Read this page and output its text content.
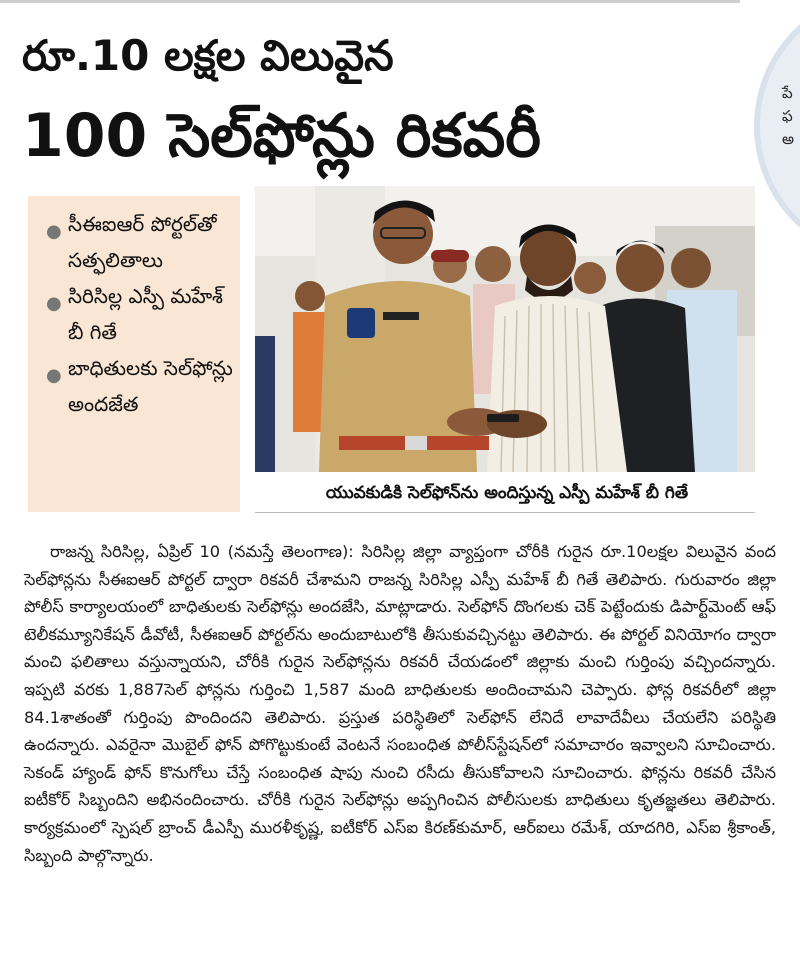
పే
ఫ
అ
రూ.10 లక్షల విలువైన
100 సెల్‌ఫోన్లు రికవరీ
● సీఈఐఆర్ పోర్టల్‌తో సత్ఫలితాలు
● సిరిసిల్ల ఎస్పీ మహేశ్ బీ గితే
● బాధితులకు సెల్‌ఫోన్లు అందజేత
యువకుడికి సెల్‌ఫోన్‌ను అందిస్తున్న ఎస్పీ మహేశ్ బీ గితే

రాజన్న సిరిసిల్ల, ఏప్రిల్ 10 (నమస్తే తెలంగాణ): సిరిసిల్ల జిల్లా వ్యాప్తంగా చోరీకి గురైన రూ.10లక్షల విలువైన వంద సెల్‌ఫోన్లను సీఈఐఆర్ పోర్టల్ ద్వారా రికవరీ చేశామని రాజన్న సిరిసిల్ల ఎస్పీ మహేశ్ బీ గితే తెలిపారు. గురువారం జిల్లా పోలీస్ కార్యాలయంలో బాధితులకు సెల్‌ఫోన్లు అందజేసి, మాట్లాడారు. సెల్‌ఫోన్ దొంగలకు చెక్ పెట్టేందుకు డిపార్ట్‌మెంట్ ఆఫ్ టెలీకమ్యూనికేషన్ డీవోటీ, సీఈఐఆర్ పోర్టల్‌ను అందుబాటులోకి తీసుకువచ్చినట్టు తెలిపారు. ఈ పోర్టల్ వినియోగం ద్వారా మంచి ఫలితాలు వస్తున్నాయని, చోరీకి గురైన సెల్‌ఫోన్లను రికవరీ చేయడంలో జిల్లాకు మంచి గుర్తింపు వచ్చిందన్నారు. ఇప్పటి వరకు 1,887సెల్ ఫోన్లను గుర్తించి 1,587 మంది బాధితులకు అందించామని చెప్పారు. ఫోన్ల రికవరీలో జిల్లా 84.1శాతంతో గుర్తింపు పొందిందని తెలిపారు. ప్రస్తుత పరిస్థితిలో సెల్‌ఫోన్ లేనిదే లావాదేవీలు చేయలేని పరిస్థితి ఉందన్నారు. ఎవరైనా మొబైల్ ఫోన్ పోగొట్టుకుంటే వెంటనే సంబంధిత పోలీస్‌స్టేషన్‌లో సమాచారం ఇవ్వాలని సూచించారు. సెకండ్ హ్యాండ్ ఫోన్ కొనుగోలు చేస్తే సంబంధిత షాపు నుంచి రసీదు తీసుకోవాలని సూచించారు. ఫోన్లను రికవరీ చేసిన ఐటీకోర్ సిబ్బందిని అభినందించారు. చోరీకి గురైన సెల్‌ఫోన్లు అప్పగించిన పోలీసులకు బాధితులు కృతజ్ఞతలు తెలిపారు. కార్యక్రమంలో స్పెషల్ బ్రాంచ్ డీఎస్పీ మురళీకృష్ణ, ఐటీకోర్ ఎస్ఐ కిరణ్‌కుమార్, ఆర్ఐలు రమేశ్, యాదగిరి, ఎస్ఐ శ్రీకాంత్, సిబ్బంది పాల్గొన్నారు.
